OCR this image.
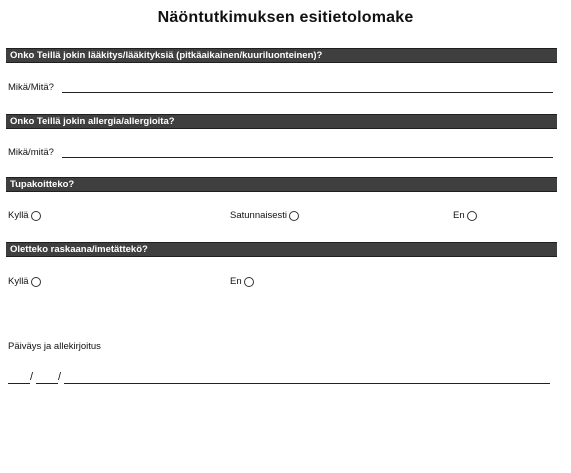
Näöntutkimuksen esitietolomake
Onko Teillä jokin lääkitys/lääkityksiä (pitkäaikainen/kuuriluonteinen)?
Mikä/Mitä?
Onko Teillä jokin allergia/allergioita?
Mikä/mitä?
Tupakoitteko?
Kyllä	Satunnaisesti	En
Oletteko raskaana/imetättekö?
Kyllä	En
Päiväys ja allekirjoitus
/ /
